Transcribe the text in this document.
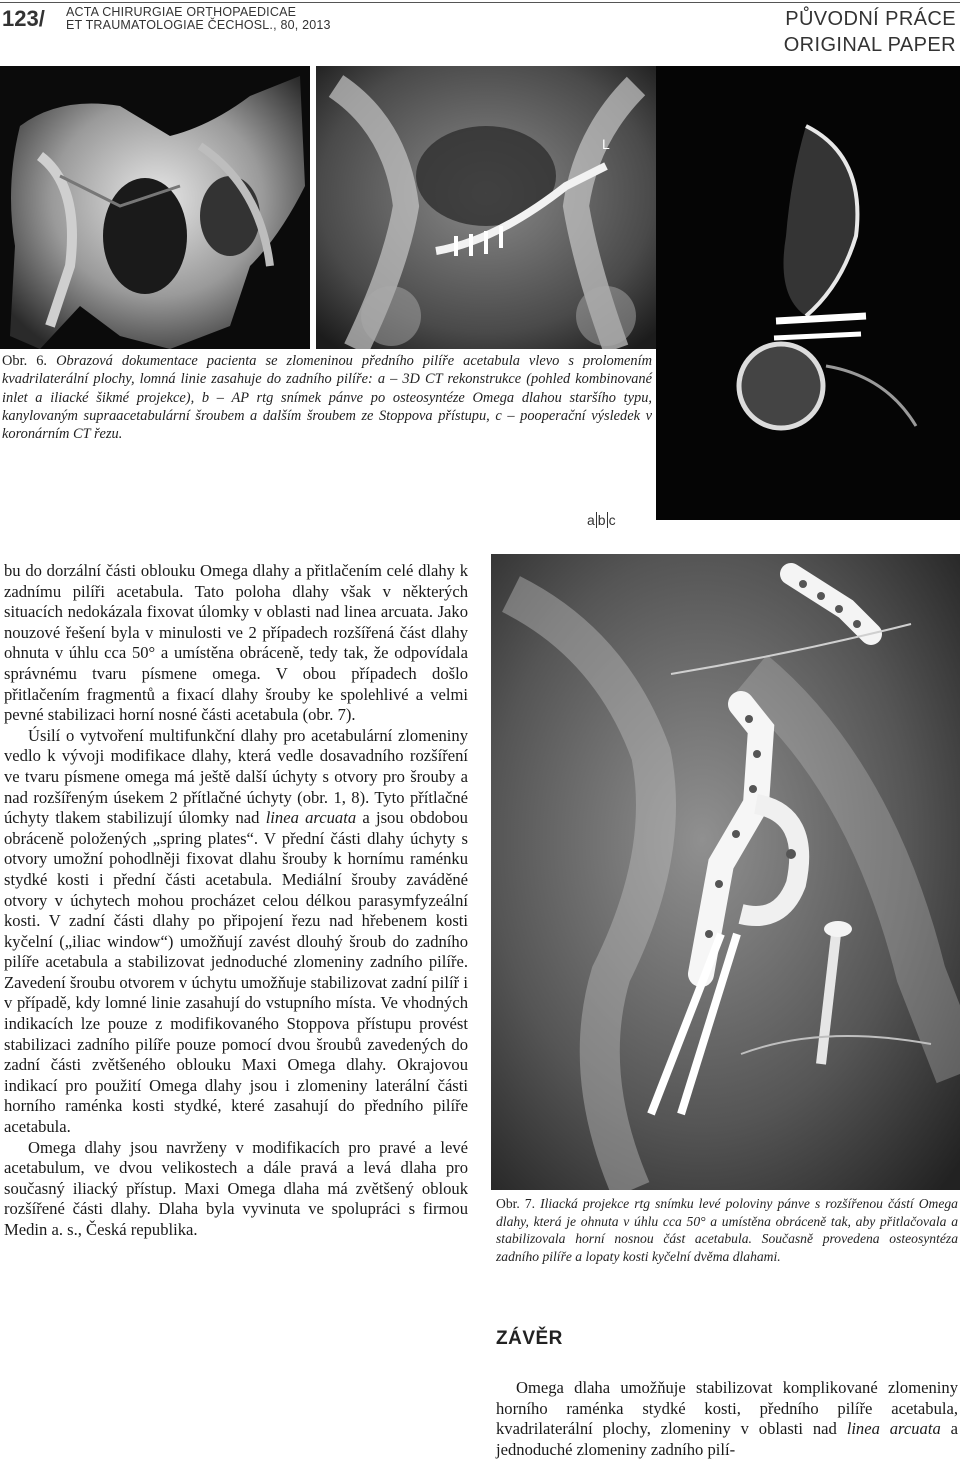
123/ ACTA CHIRURGIAE ORTHOPAEDICAE
ET TRAUMATOLOGIAE ČECHOSL., 80, 2013	PŮVODNÍ PRÁCE
ORIGINAL PAPER
L
Obr. 6. Obrazová dokumentace pacienta se zlomeninou předního pilíře acetabula vlevo s prolomením kvadrilaterální plochy, lomná linie zasahuje do zadního pilíře: a – 3D CT rekonstrukce (pohled kombinované inlet a iliacké šikmé projekce), b – AP rtg snímek pánve po osteosyntéze Omega dlahou staršího typu, kanylovaným supraacetabulární šroubem a dalším šroubem ze Stoppova přístupu, c – pooperační výsledek v koronárním CT řezu.
a b c

bu do dorzální části oblouku Omega dlahy a přitlačením celé dlahy k zadnímu pilíři acetabula. Tato poloha dlahy však v některých situacích nedokázala fixovat úlomky v oblasti nad linea arcuata. Jako nouzové řešení byla v minulosti ve 2 případech rozšířená část dlahy ohnuta v úhlu cca 50° a umístěna obráceně, tedy tak, že odpovídala správnému tvaru písmene omega. V obou případech došlo přitlačením fragmentů a fixací dlahy šrouby ke spolehlivé a velmi pevné stabilizaci horní nosné části acetabula (obr. 7).

Úsilí o vytvoření multifunkční dlahy pro acetabulární zlomeniny vedlo k vývoji modifikace dlahy, která vedle dosavadního rozšíření ve tvaru písmene omega má ještě další úchyty s otvory pro šrouby a nad rozšířeným úsekem 2 přítlačné úchyty (obr. 1, 8). Tyto přítlačné úchyty tlakem stabilizují úlomky nad linea arcuata a jsou obdobou obráceně položených „spring plates“. V přední části dlahy úchyty s otvory umožní pohodlněji fixovat dlahu šrouby k hornímu raménku stydké kosti i přední části acetabula. Mediální šrouby zaváděné otvory v úchytech mohou procházet celou délkou parasymfyzeální kosti. V zadní části dlahy po připojení řezu nad hřebenem kosti kyčelní („iliac window“) umožňují zavést dlouhý šroub do zadního pilíře acetabula a stabilizovat jednoduché zlomeniny zadního pilíře. Zavedení šroubu otvorem v úchytu umožňuje stabilizovat zadní pilíř i v případě, kdy lomné linie zasahují do vstupního místa. Ve vhodných indikacích lze pouze z modifikovaného Stoppova přístupu provést stabilizaci zadního pilíře pouze pomocí dvou šroubů zavedených do zadní části zvětšeného oblouku Maxi Omega dlahy. Okrajovou indikací pro použití Omega dlahy jsou i zlomeniny laterální části horního raménka kosti stydké, které zasahují do předního pilíře acetabula.

Omega dlahy jsou navrženy v modifikacích pro pravé a levé acetabulum, ve dvou velikostech a dále pravá a levá dlaha pro současný iliacký přístup. Maxi Omega dlaha má zvětšený oblouk rozšířené části dlahy. Dlaha byla vyvinuta ve spolupráci s firmou Medin a. s., Česká republika.

Obr. 7. Iliacká projekce rtg snímku levé poloviny pánve s rozšířenou částí Omega dlahy, která je ohnuta v úhlu cca 50° a umístěna obráceně tak, aby přitlačovala a stabilizovala horní nosnou část acetabula. Současně provedena osteosyntéza zadního pilíře a lopaty kosti kyčelní dvěma dlahami.
ZÁVĚR
Omega dlaha umožňuje stabilizovat komplikované zlomeniny horního raménka stydké kosti, předního pilíře acetabula, kvadrilaterální plochy, zlomeniny v oblasti nad linea arcuata a jednoduché zlomeniny zadního pilí-
